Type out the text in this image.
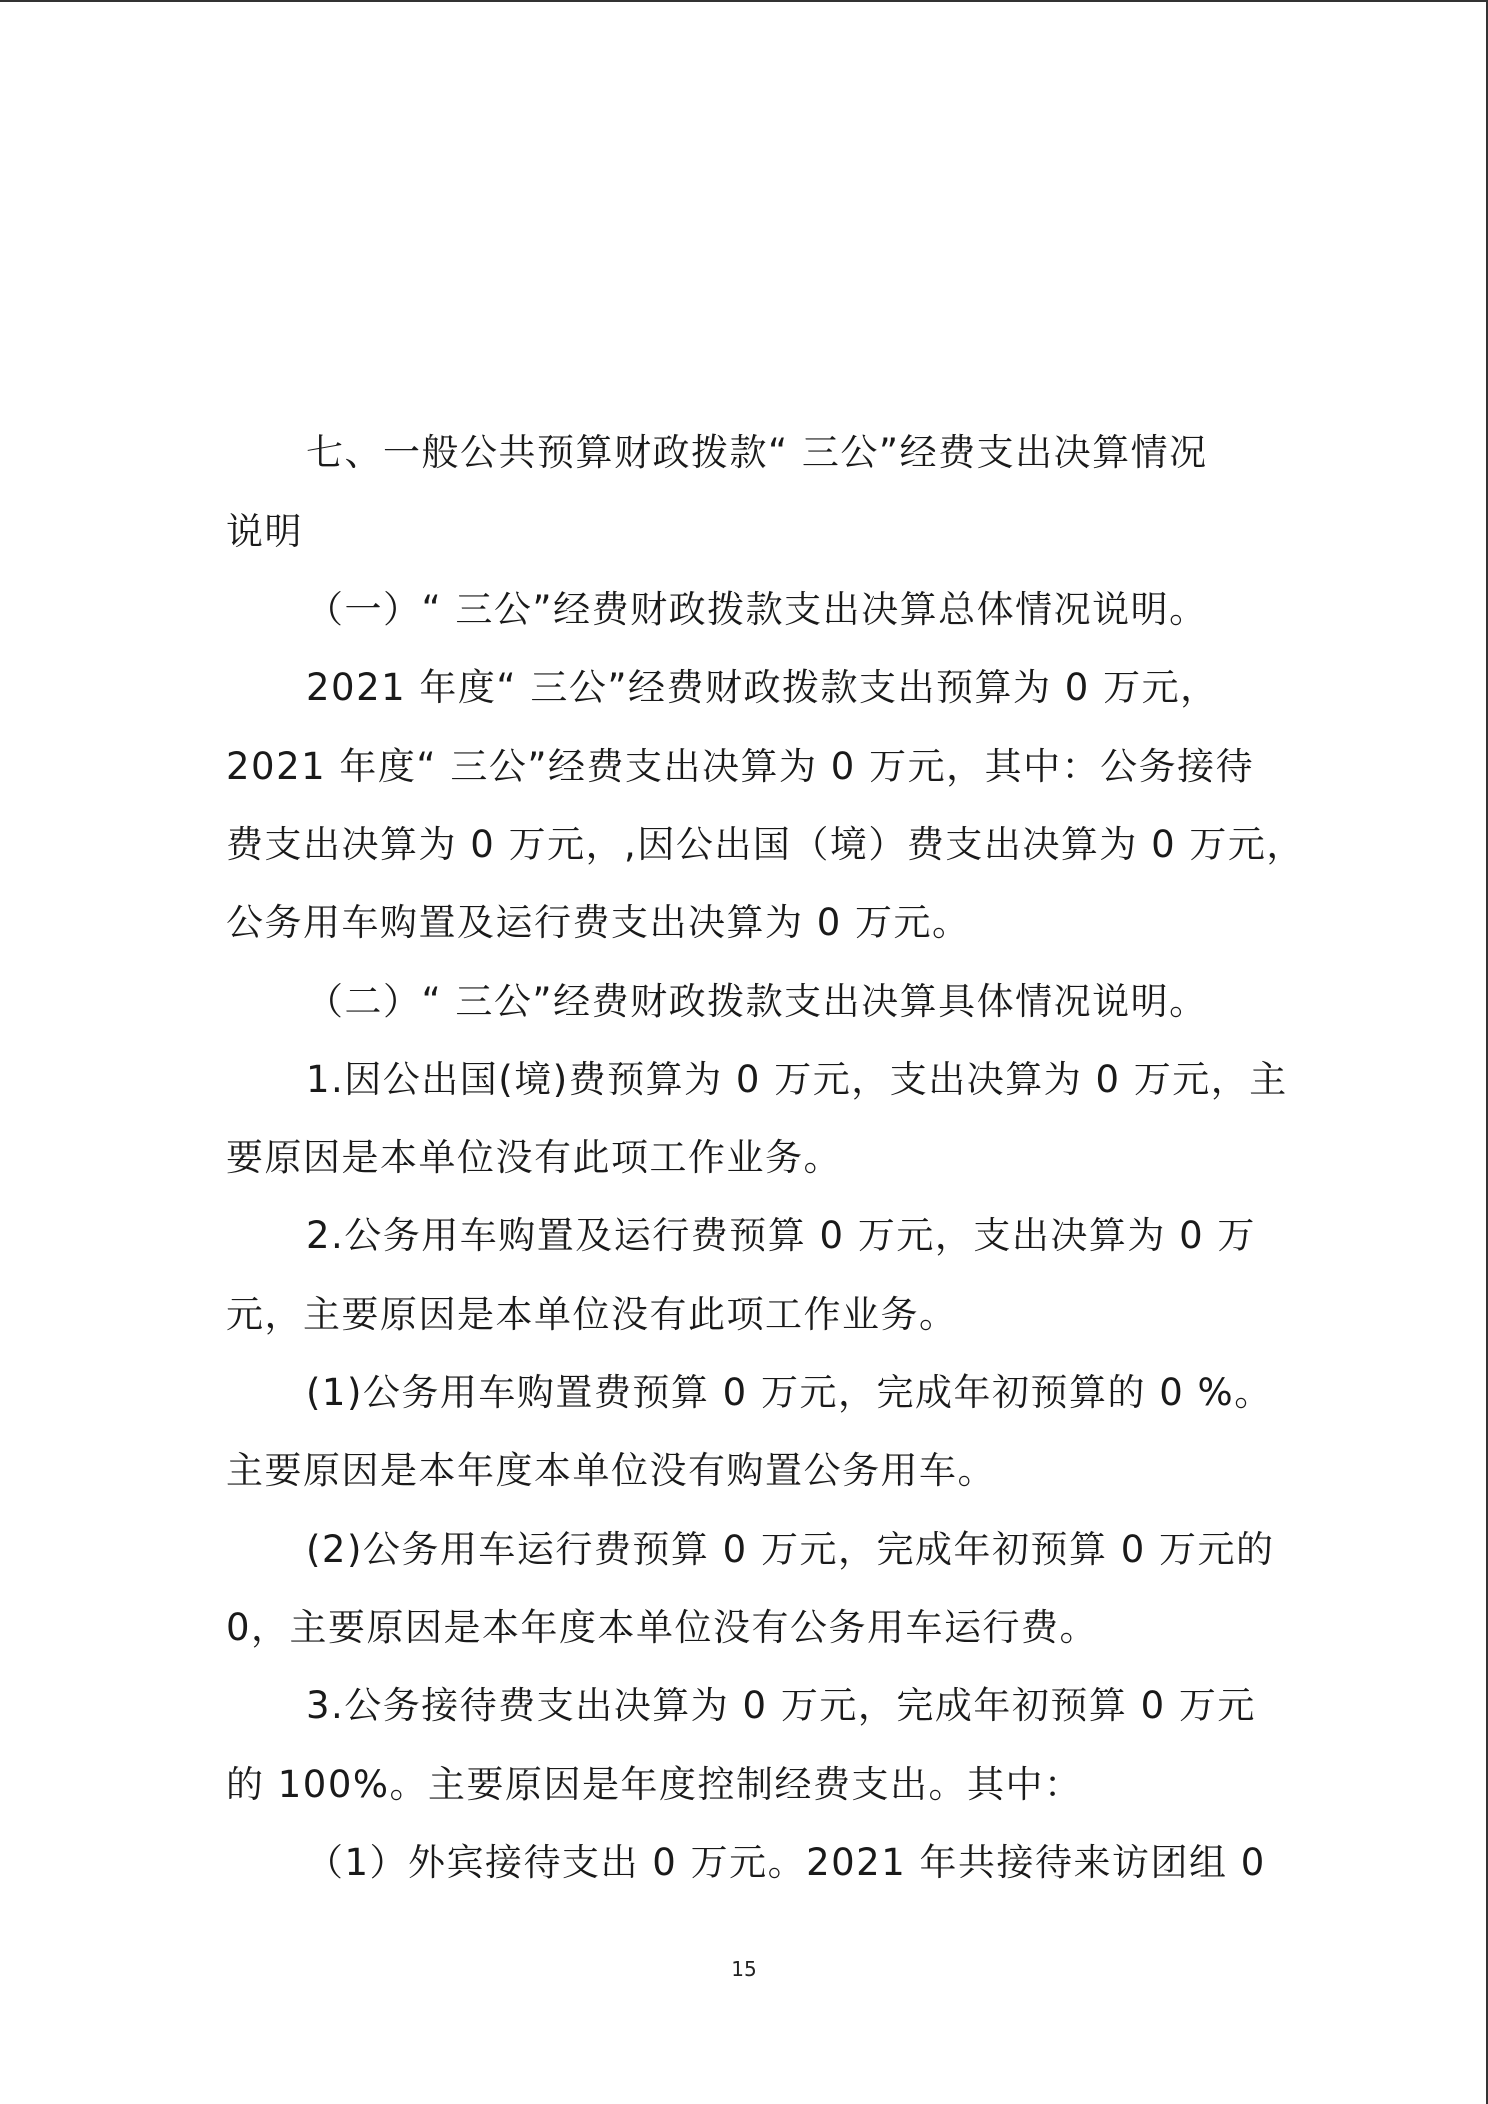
七、一般公共预算财政拨款“ 三公”经费支出决算情况
说明
（一）“ 三公”经费财政拨款支出决算总体情况说明。
2021 年度“ 三公”经费财政拨款支出预算为 0 万元，
2021 年度“ 三公”经费支出决算为 0 万元，其中：公务接待
费支出决算为 0 万元，,因公出国（境）费支出决算为 0 万元，
公务用车购置及运行费支出决算为 0 万元。
（二）“ 三公”经费财政拨款支出决算具体情况说明。
1.因公出国(境)费预算为 0 万元，支出决算为 0 万元，主
要原因是本单位没有此项工作业务。
2.公务用车购置及运行费预算 0 万元，支出决算为 0 万
元，主要原因是本单位没有此项工作业务。
(1)公务用车购置费预算 0 万元，完成年初预算的 0 %。
主要原因是本年度本单位没有购置公务用车。
(2)公务用车运行费预算 0 万元，完成年初预算 0 万元的
0，主要原因是本年度本单位没有公务用车运行费。
3.公务接待费支出决算为 0 万元，完成年初预算 0 万元
的 100%。主要原因是年度控制经费支出。其中：
（1）外宾接待支出 0 万元。2021 年共接待来访团组 0
15
